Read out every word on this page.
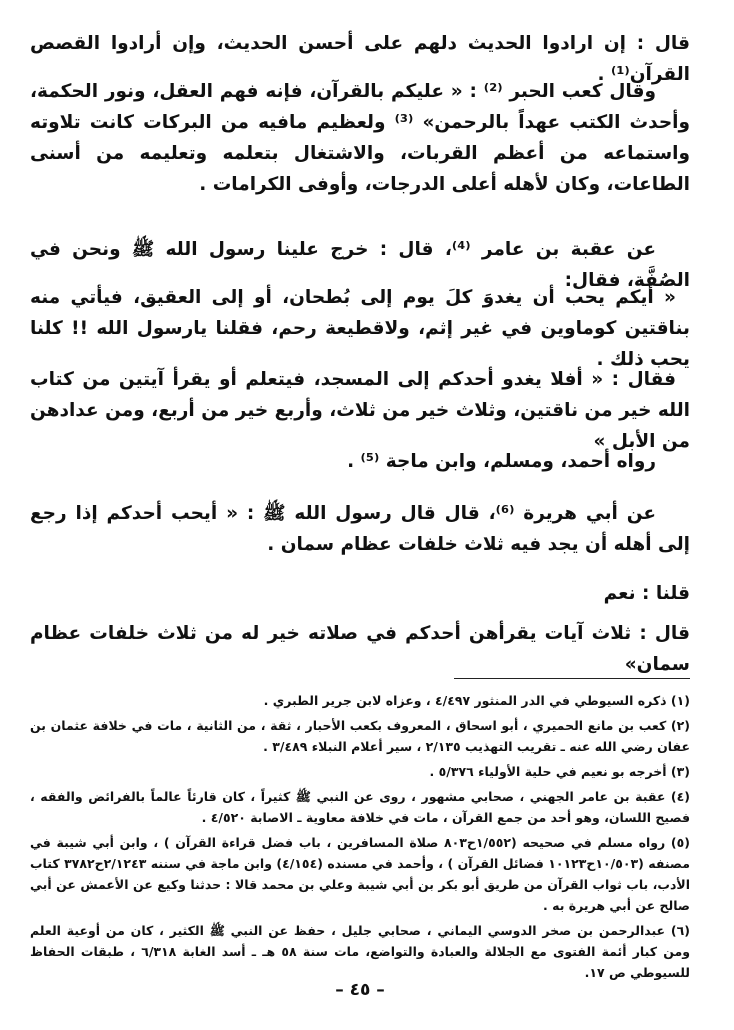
قال : إن ارادوا الحديث دلهم على أحسن الحديث، وإن أرادوا القصص القرآن⁽¹⁾ .

وقال كعب الحبر ⁽²⁾ : « عليكم بالقرآن، فإنه فهم العقل، ونور الحكمة، وأحدث الكتب عهداً بالرحمن» ⁽³⁾ ولعظيم مافيه من البركات كانت تلاوته واستماعه من أعظم القربات، والاشتغال بتعلمه وتعليمه من أسنى الطاعات، وكان لأهله أعلى الدرجات، وأوفى الكرامات .

عن عقبة بن عامر ⁽⁴⁾، قال : خرج علينا رسول الله ﷺ ونحن في الصُفَّة، فقال:

« أيكم يحب أن يغدوَ كلَ يوم إلى بُطحان، أو إلى العقيق، فيأتي منه بناقتين كوماوين في غير إثم، ولاقطيعة رحم، فقلنا يارسول الله !! كلنا يحب ذلك .

فقال : « أفلا يغدو أحدكم إلى المسجد، فيتعلم أو يقرأ آيتين من كتاب الله خير من ناقتين، وثلاث خير من ثلاث، وأربع خير من أربع، ومن عدادهن من الأبل »

رواه أحمد، ومسلم، وابن ماجة ⁽⁵⁾ .

عن أبي هريرة ⁽⁶⁾، قال قال رسول الله ﷺ : « أيحب أحدكم إذا رجع إلى أهله أن يجد فيه ثلاث خلفات عظام سمان .

قلنا : نعم

قال : ثلاث آيات يقرأهن أحدكم في صلاته خير له من ثلاث خلفات عظام سمان»

(١) ذكره السيوطي في الدر المنثور ٤/٤٩٧ ، وعزاه لابن جرير الطبري .

(٢) كعب بن مانع الحميري ، أبو اسحاق ، المعروف بكعب الأحبار ، ثقة ، من الثانية ، مات في خلافة عثمان بن عفان رضي الله عنه ـ تقريب التهذيب ٢/١٣٥ ، سير أعلام النبلاء ٣/٤٨٩ .

(٣) أخرجه بو نعيم في حلية الأولياء ٥/٣٧٦ .

(٤) عقبة بن عامر الجهني ، صحابي مشهور ، روى عن النبي ﷺ كثيراً ، كان قارئاً عالماً بالفرائض والفقه ، فصيح اللسان، وهو أحد من جمع القرآن ، مات في خلافة معاوية ـ الاصابة ٤/٥٢٠ .

(٥) رواه مسلم في صحيحه (١/٥٥٢ح٨٠٣ صلاة المسافرين ، باب فضل قراءة القرآن ) ، وابن أبي شيبة في مصنفه (١٠/٥٠٣ح١٠١٢٣ فضائل القرآن ) ، وأحمد في مسنده (٤/١٥٤) وابن ماجة في سننه ٢/١٢٤٣ح٣٧٨٢ كتاب الأدب، باب ثواب القرآن من طريق أبو بكر بن أبي شيبة وعلي بن محمد قالا : حدثنا وكيع عن الأعمش عن أبي صالح عن أبي هريرة به .

(٦) عبدالرحمن بن صخر الدوسي اليماني ، صحابي جليل ، حفظ عن النبي ﷺ الكثير ، كان من أوعية العلم ومن كبار أئمة الفتوى مع الجلالة والعبادة والتواضع، مات سنة ٥٨ هـ ـ أسد الغابة ٦/٣١٨ ، طبقات الحفاظ للسيوطي ص ١٧.

– ٤٥ –
